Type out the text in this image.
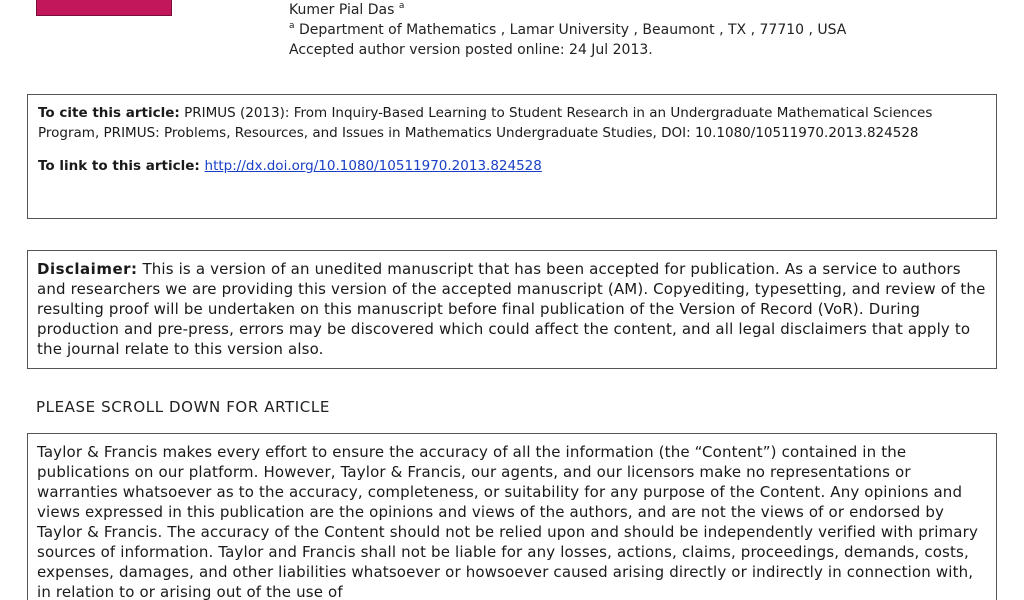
Kumer Pial Das $^a$
$^a$ Department of Mathematics , Lamar University , Beaumont , TX , 77710 , USA
Accepted author version posted online: 24 Jul 2013.

To cite this article: PRIMUS (2013): From Inquiry-Based Learning to Student Research in an Undergraduate Mathematical Sciences Program, PRIMUS: Problems, Resources, and Issues in Mathematics Undergraduate Studies, DOI: 10.1080/10511970.2013.824528

To link to this article: http://dx.doi.org/10.1080/10511970.2013.824528

Disclaimer: This is a version of an unedited manuscript that has been accepted for publication. As a service to authors and researchers we are providing this version of the accepted manuscript (AM). Copyediting, typesetting, and review of the resulting proof will be undertaken on this manuscript before final publication of the Version of Record (VoR). During production and pre-press, errors may be discovered which could affect the content, and all legal disclaimers that apply to the journal relate to this version also.
PLEASE SCROLL DOWN FOR ARTICLE
Taylor & Francis makes every effort to ensure the accuracy of all the information (the “Content”) contained in the publications on our platform. However, Taylor & Francis, our agents, and our licensors make no representations or warranties whatsoever as to the accuracy, completeness, or suitability for any purpose of the Content. Any opinions and views expressed in this publication are the opinions and views of the authors, and are not the views of or endorsed by Taylor & Francis. The accuracy of the Content should not be relied upon and should be independently verified with primary sources of information. Taylor and Francis shall not be liable for any losses, actions, claims, proceedings, demands, costs, expenses, damages, and other liabilities whatsoever or howsoever caused arising directly or indirectly in connection with, in relation to or arising out of the use of
